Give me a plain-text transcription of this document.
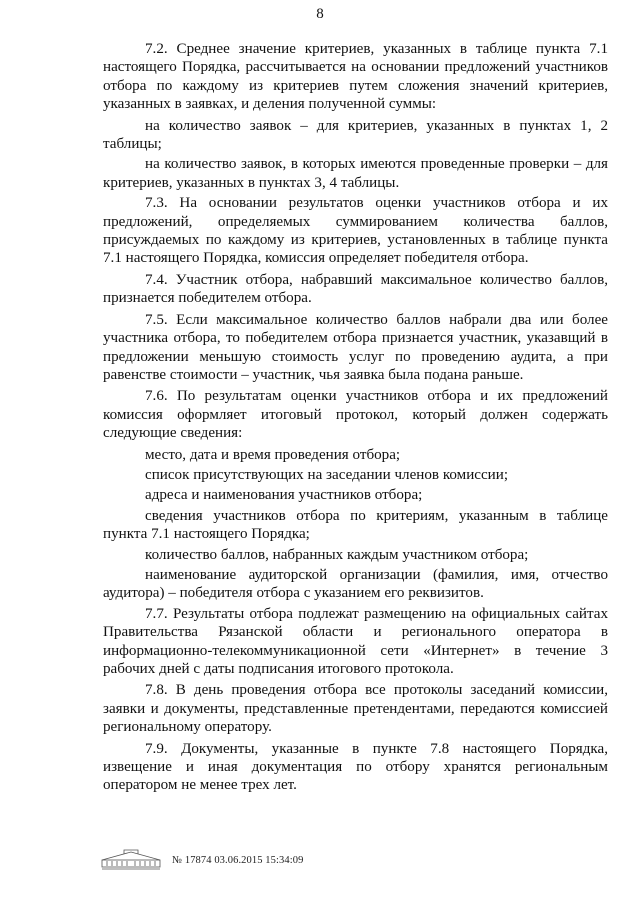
8

7.2. Среднее значение критериев, указанных в таблице пункта 7.1 настоящего Порядка, рассчитывается на основании предложений участников отбора по каждому из критериев путем сложения значений критериев, указанных в заявках, и деления полученной суммы:

на количество заявок – для критериев, указанных в пунктах 1, 2 таблицы;

на количество заявок, в которых имеются проведенные проверки – для критериев, указанных в пунктах 3, 4 таблицы.

7.3. На основании результатов оценки участников отбора и их предложений, определяемых суммированием количества баллов, присуждаемых по каждому из критериев, установленных в таблице пункта 7.1 настоящего Порядка, комиссия определяет победителя отбора.

7.4. Участник отбора, набравший максимальное количество баллов, признается победителем отбора.

7.5. Если максимальное количество баллов набрали два или более участника отбора, то победителем отбора признается участник, указавщий в предложении меньшую стоимость услуг по проведению аудита, а при равенстве стоимости – участник, чья заявка была подана раньше.

7.6. По результатам оценки участников отбора и их предложений комиссия оформляет итоговый протокол, который должен содержать следующие сведения:

место, дата и время проведения отбора;

список присутствующих на заседании членов комиссии;

адреса и наименования участников отбора;

сведения участников отбора по критериям, указанным в таблице пункта 7.1 настоящего Порядка;

количество баллов, набранных каждым участником отбора;

наименование аудиторской организации (фамилия, имя, отчество аудитора) – победителя отбора с указанием его реквизитов.

7.7. Результаты отбора подлежат размещению на официальных сайтах Правительства Рязанской области и регионального оператора в информационно-телекоммуникационной сети «Интернет» в течение 3 рабочих дней с даты подписания итогового протокола.

7.8. В день проведения отбора все протоколы заседаний комиссии, заявки и документы, представленные претендентами, передаются комиссией региональному оператору.

7.9. Документы, указанные в пункте 7.8 настоящего Порядка, извещение и иная документация по отбору хранятся региональным оператором не менее трех лет.

№ 17874 03.06.2015 15:34:09
